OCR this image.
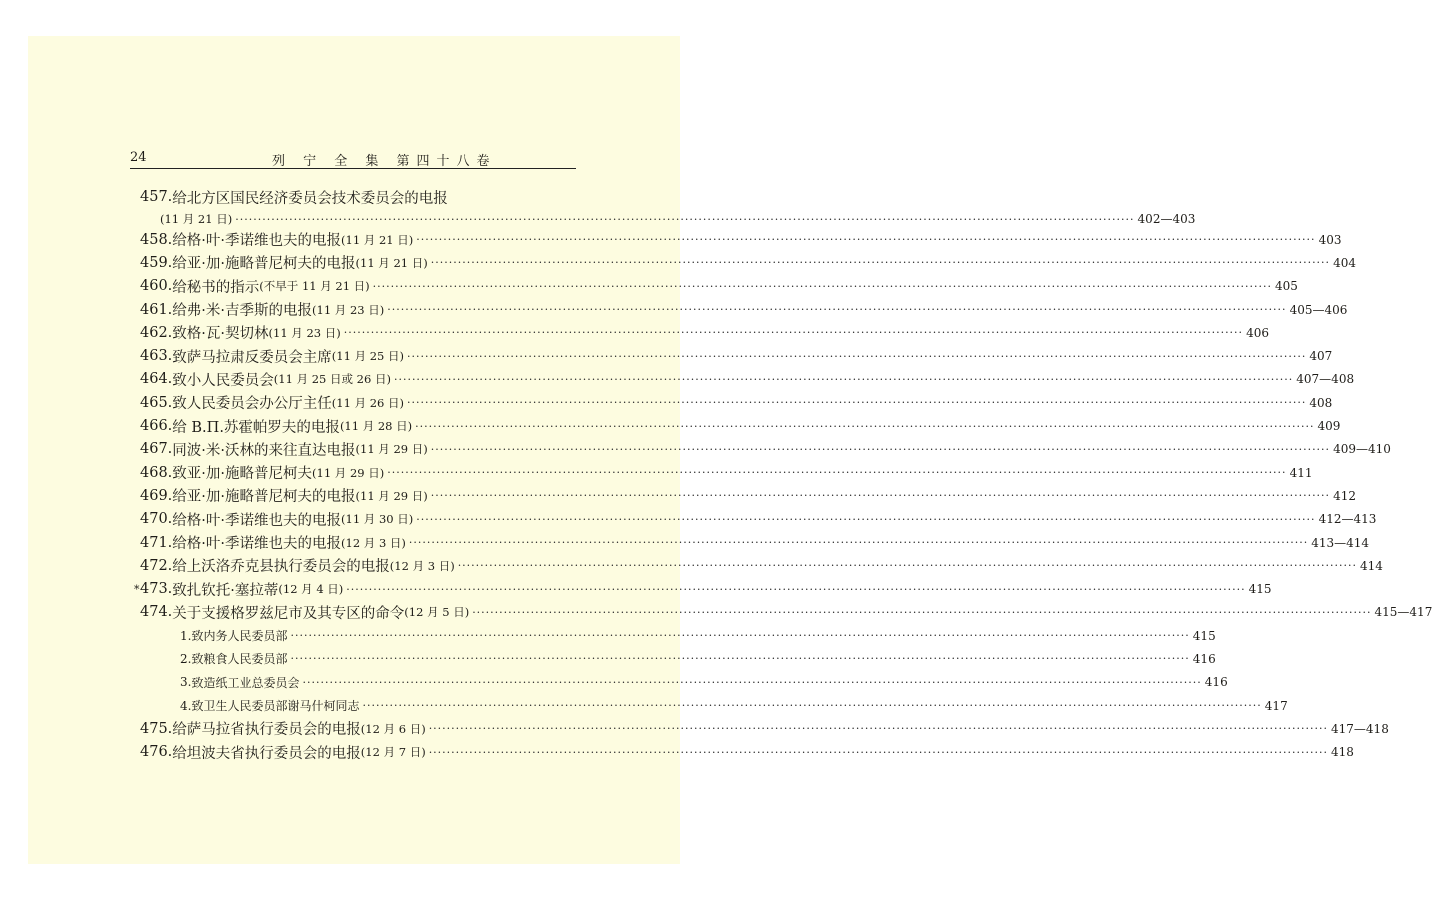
24	列 宁 全 集 第四十八卷
457. 给北方区国民经济委员会技术委员会的电报
(11 月 21 日) ········································································································································································································ 402—403
458. 给格·叶·季诺维也夫的电报 (11 月 21 日) ········································································································································································································ 403
459. 给亚·加·施略普尼柯夫的电报 (11 月 21 日) ········································································································································································································ 404
460. 给秘书的指示 (不早于 11 月 21 日) ········································································································································································································ 405
461. 给弗·米·吉季斯的电报 (11 月 23 日) ········································································································································································································ 405—406
462. 致格·瓦·契切林 (11 月 23 日) ········································································································································································································ 406
463. 致萨马拉肃反委员会主席 (11 月 25 日) ········································································································································································································ 407
464. 致小人民委员会 (11 月 25 日或 26 日) ········································································································································································································ 407—408
465. 致人民委员会办公厅主任 (11 月 26 日) ········································································································································································································ 408
466. 给 B.Π.苏霍帕罗夫的电报 (11 月 28 日) ········································································································································································································ 409
467. 同波·米·沃林的来往直达电报 (11 月 29 日) ········································································································································································································ 409—410
468. 致亚·加·施略普尼柯夫 (11 月 29 日) ········································································································································································································ 411
469. 给亚·加·施略普尼柯夫的电报 (11 月 29 日) ········································································································································································································ 412
470. 给格·叶·季诺维也夫的电报 (11 月 30 日) ········································································································································································································ 412—413
471. 给格·叶·季诺维也夫的电报 (12 月 3 日) ········································································································································································································ 413—414
472. 给上沃洛乔克县执行委员会的电报 (12 月 3 日) ········································································································································································································ 414
* 473. 致扎钦托·塞拉蒂 (12 月 4 日) ········································································································································································································ 415
474. 关于支援格罗兹尼市及其专区的命令 (12 月 5 日) ········································································································································································································ 415—417
1. 致内务人民委员部 ········································································································································································································ 415
2. 致粮食人民委员部 ········································································································································································································ 416
3. 致造纸工业总委员会 ········································································································································································································ 416
4. 致卫生人民委员部谢马什柯同志 ········································································································································································································ 417
475. 给萨马拉省执行委员会的电报 (12 月 6 日) ········································································································································································································ 417—418
476. 给坦波夫省执行委员会的电报 (12 月 7 日) ········································································································································································································ 418
